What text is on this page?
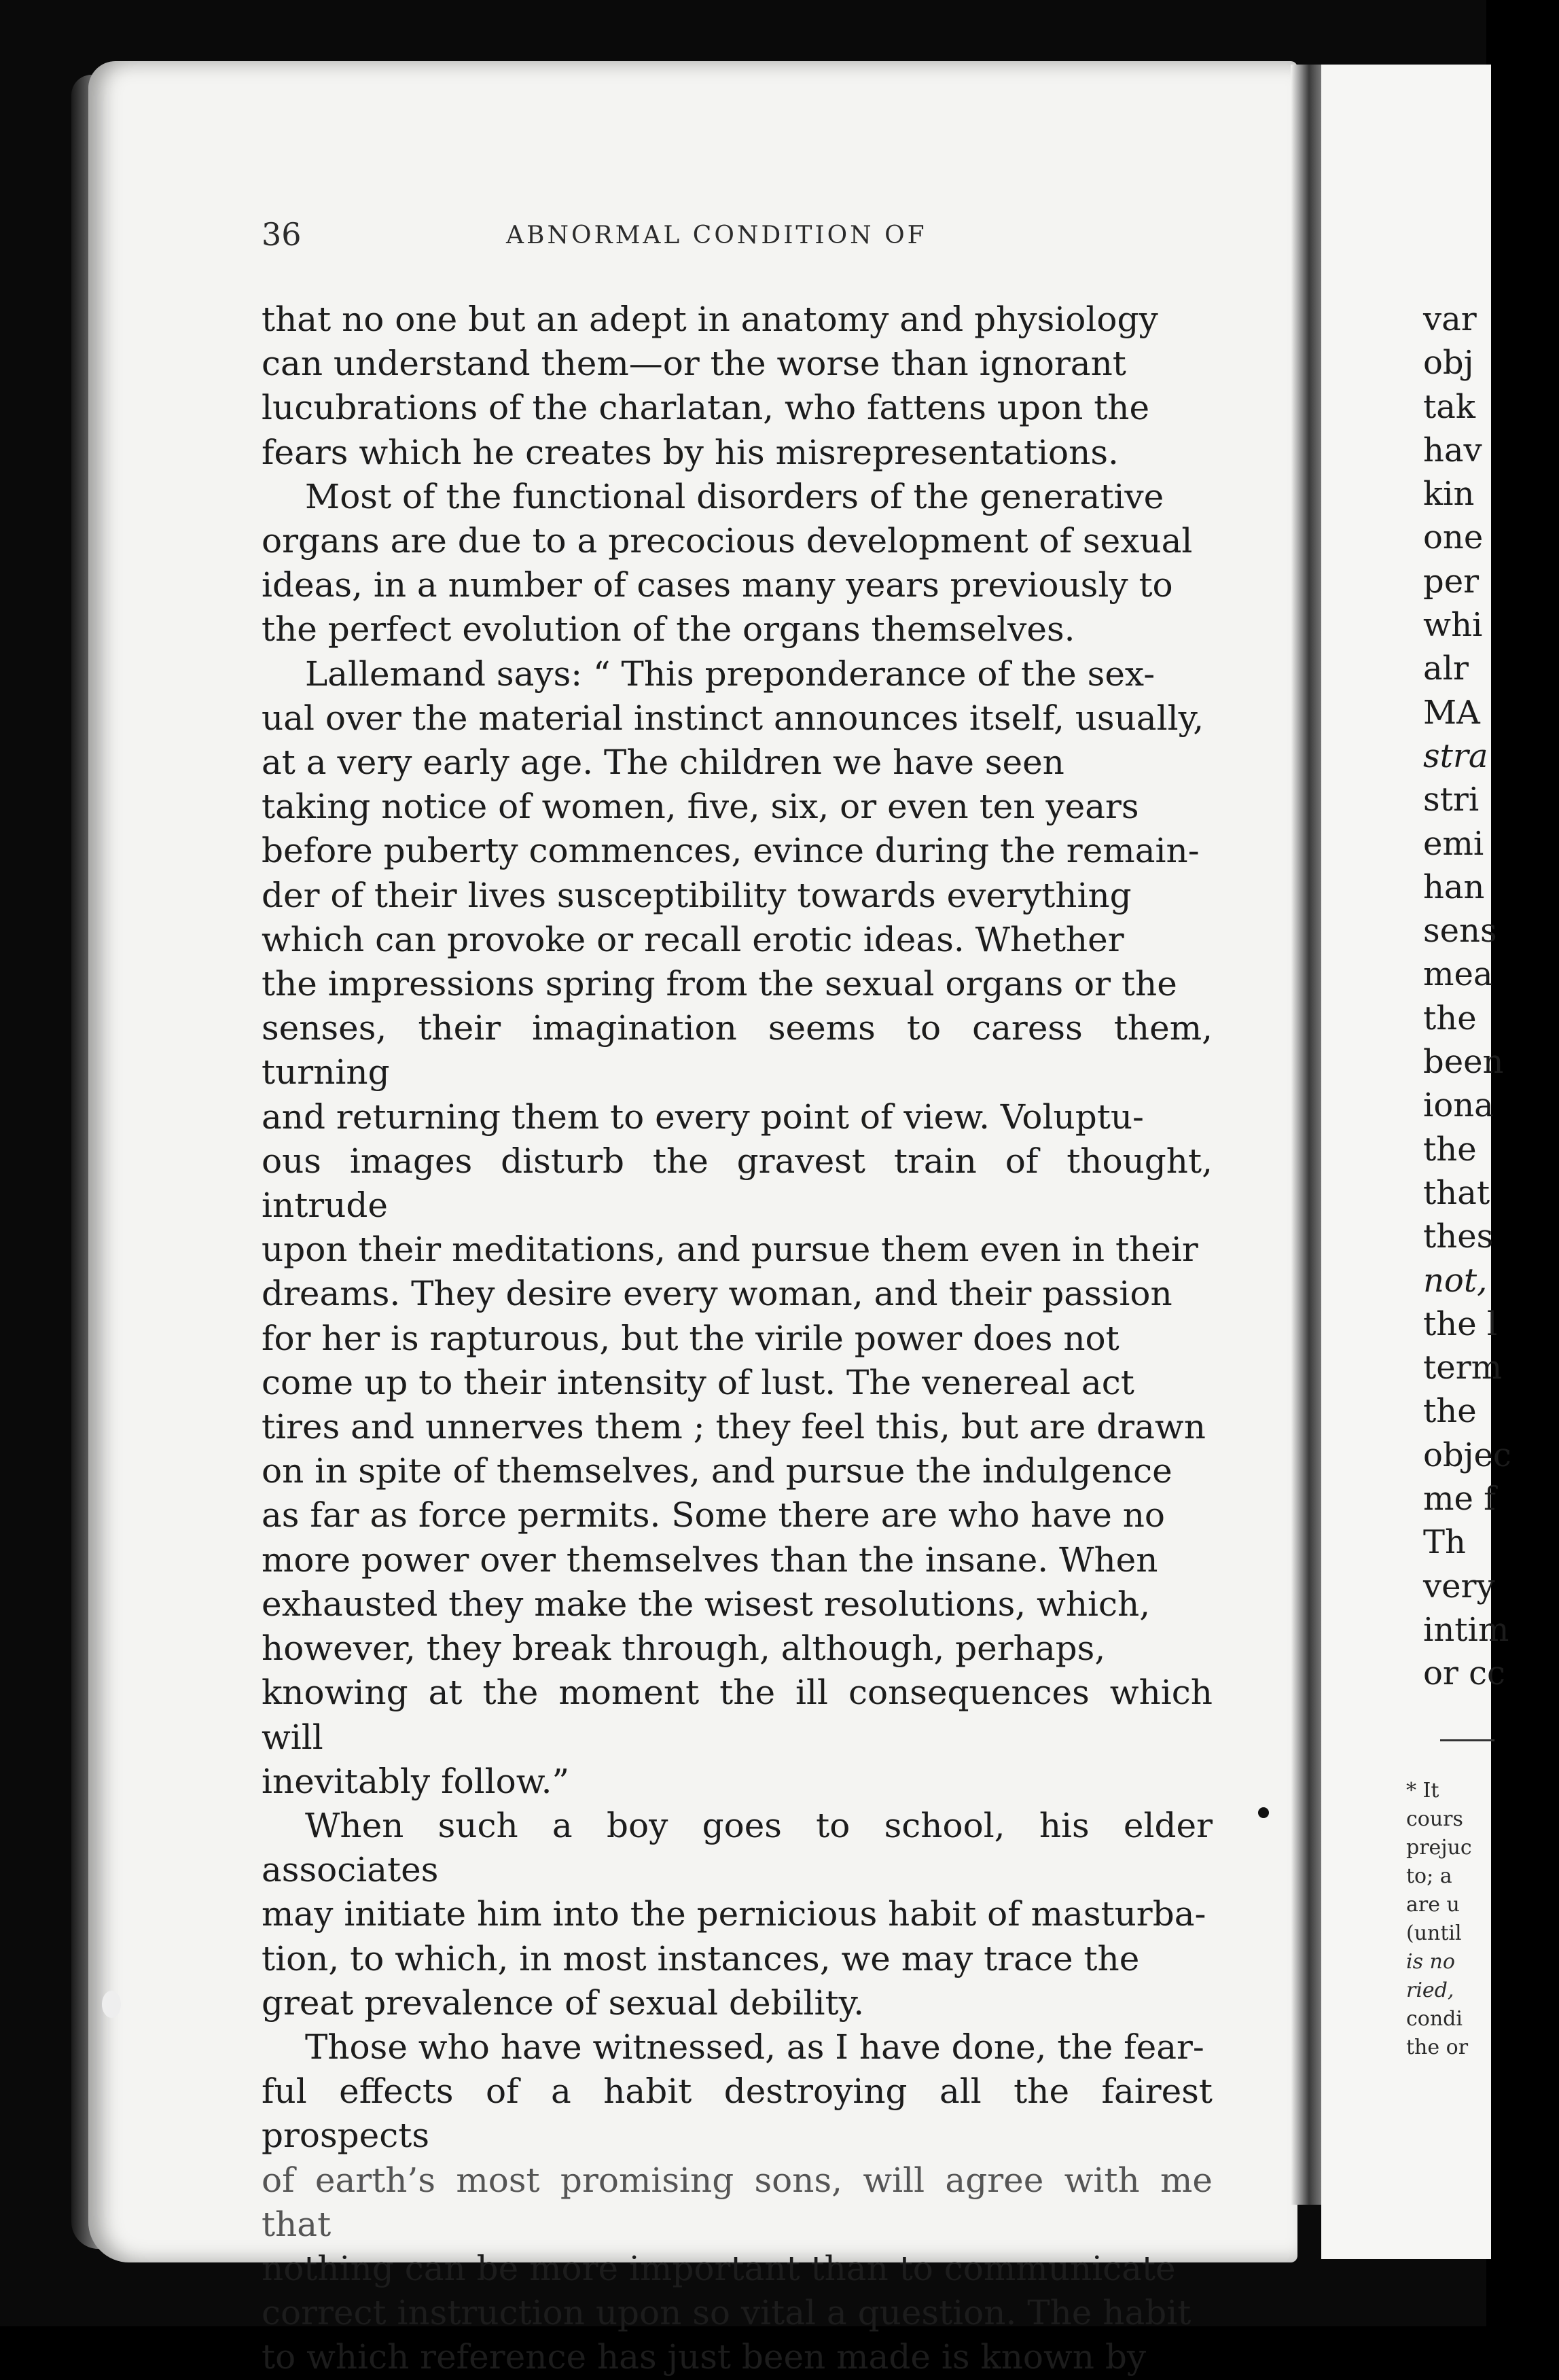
36	ABNORMAL CONDITION OF

that no one but an adept in anatomy and physiology

can understand them—or the worse than ignorant

lucubrations of the charlatan, who fattens upon the

fears which he creates by his misrepresentations.

Most of the functional disorders of the generative

organs are due to a precocious development of sexual

ideas, in a number of cases many years previously to

the perfect evolution of the organs themselves.

Lallemand says: “ This preponderance of the sex-

ual over the material instinct announces itself, usually,

at a very early age. The children we have seen

taking notice of women, five, six, or even ten years

before puberty commences, evince during the remain-

der of their lives susceptibility towards everything

which can provoke or recall erotic ideas. Whether

the impressions spring from the sexual organs or the

senses, their imagination seems to caress them, turning

and returning them to every point of view. Voluptu-

ous images disturb the gravest train of thought, intrude

upon their meditations, and pursue them even in their

dreams. They desire every woman, and their passion

for her is rapturous, but the virile power does not

come up to their intensity of lust. The venereal act

tires and unnerves them ; they feel this, but are drawn

on in spite of themselves, and pursue the indulgence

as far as force permits. Some there are who have no

more power over themselves than the insane. When

exhausted they make the wisest resolutions, which,

however, they break through, although, perhaps,

knowing at the moment the ill consequences which will

inevitably follow.”

When such a boy goes to school, his elder associates

may initiate him into the pernicious habit of masturba-

tion, to which, in most instances, we may trace the

great prevalence of sexual debility.

Those who have witnessed, as I have done, the fear-

ful effects of a habit destroying all the fairest prospects

of earth’s most promising sons, will agree with me that

nothing can be more important than to communicate

correct instruction upon so vital a question. The habit

to which reference has just been made is known by

var
obj
tak
hav
kin
one
per
whi
alr
MA
stra
stri
emi
han
sens
mea
the
been
iona
the
that
thes
not,
the l
term
the
objec
me f
Th
very
intim
or cc
* It
cours
prejuc
to; a
are u
(until
is no
ried,
condi
the or
